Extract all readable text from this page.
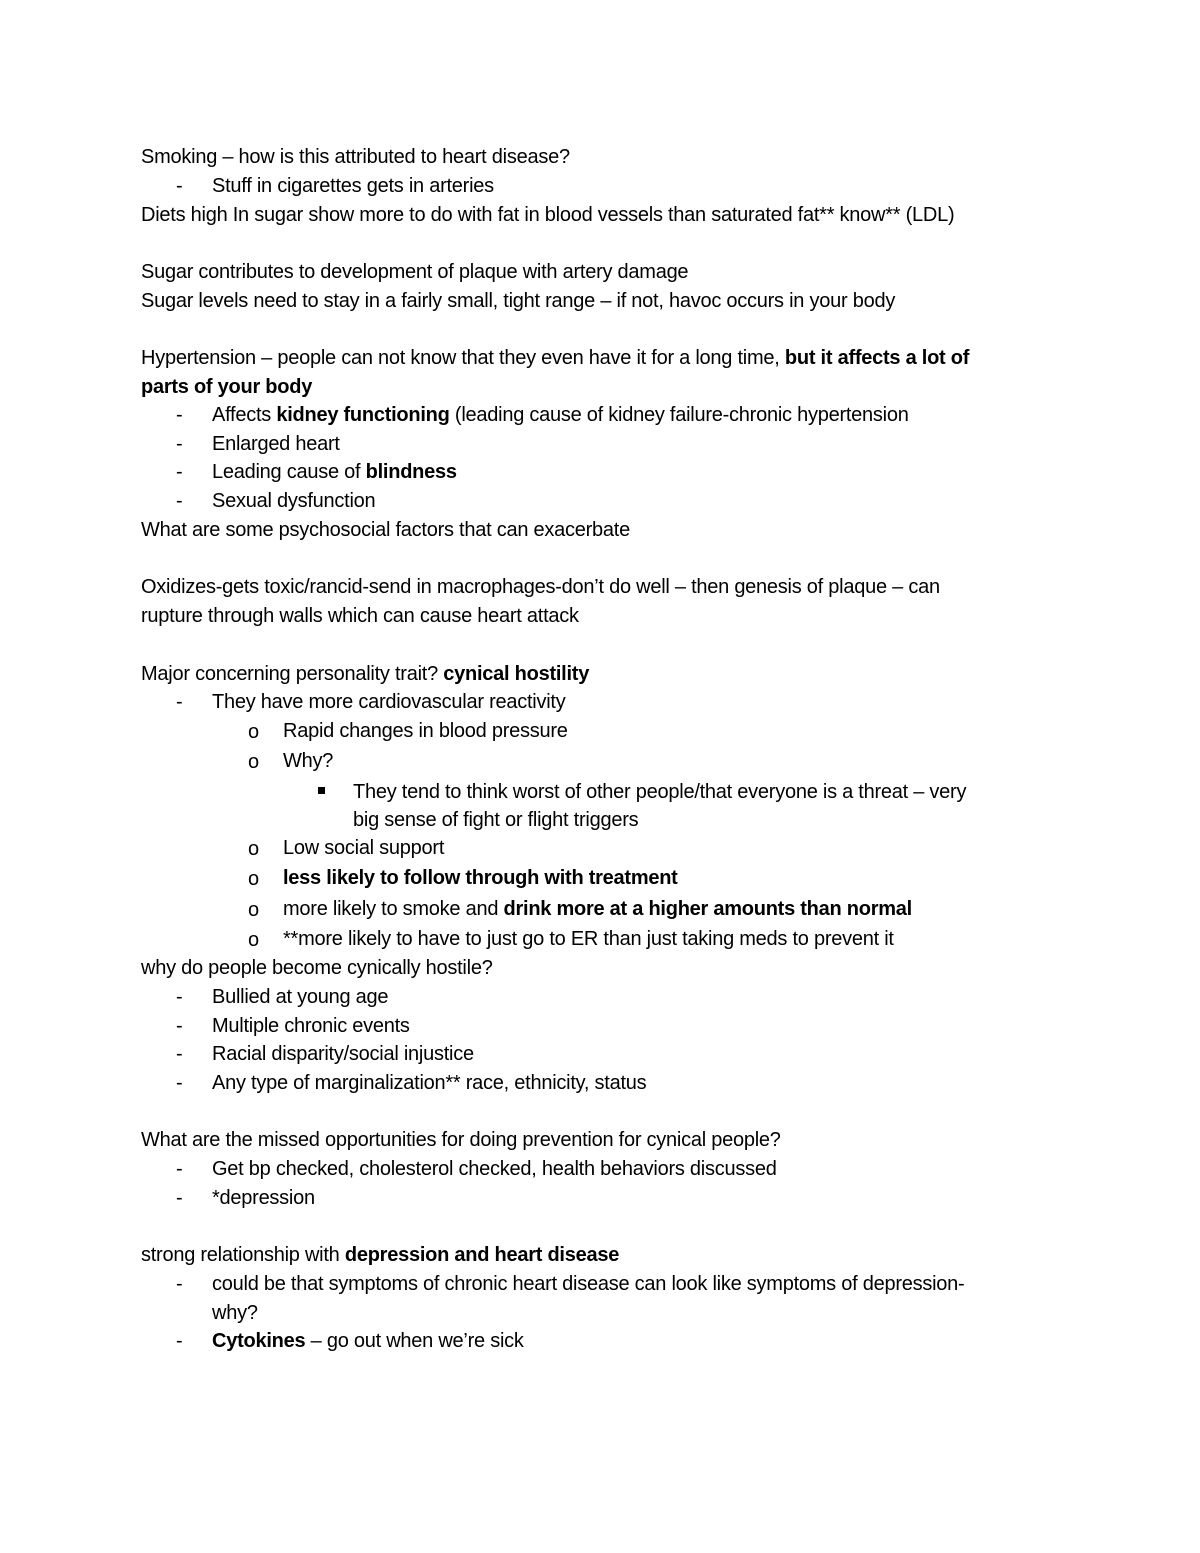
Smoking – how is this attributed to heart disease?
- Stuff in cigarettes gets in arteries
Diets high In sugar show more to do with fat in blood vessels than saturated fat** know** (LDL)
Sugar contributes to development of plaque with artery damage
Sugar levels need to stay in a fairly small, tight range – if not, havoc occurs in your body
Hypertension – people can not know that they even have it for a long time, but it affects a lot of
parts of your body
- Affects kidney functioning (leading cause of kidney failure-chronic hypertension
- Enlarged heart
- Leading cause of blindness
- Sexual dysfunction
What are some psychosocial factors that can exacerbate
Oxidizes-gets toxic/rancid-send in macrophages-don’t do well – then genesis of plaque – can
rupture through walls which can cause heart attack
Major concerning personality trait? cynical hostility
- They have more cardiovascular reactivity
o Rapid changes in blood pressure
o Why?
They tend to think worst of other people/that everyone is a threat – very
big sense of fight or flight triggers
o Low social support
o less likely to follow through with treatment
o more likely to smoke and drink more at a higher amounts than normal
o **more likely to have to just go to ER than just taking meds to prevent it
why do people become cynically hostile?
- Bullied at young age
- Multiple chronic events
- Racial disparity/social injustice
- Any type of marginalization** race, ethnicity, status
What are the missed opportunities for doing prevention for cynical people?
- Get bp checked, cholesterol checked, health behaviors discussed
- *depression
strong relationship with depression and heart disease
- could be that symptoms of chronic heart disease can look like symptoms of depression-
why?
- Cytokines – go out when we’re sick
